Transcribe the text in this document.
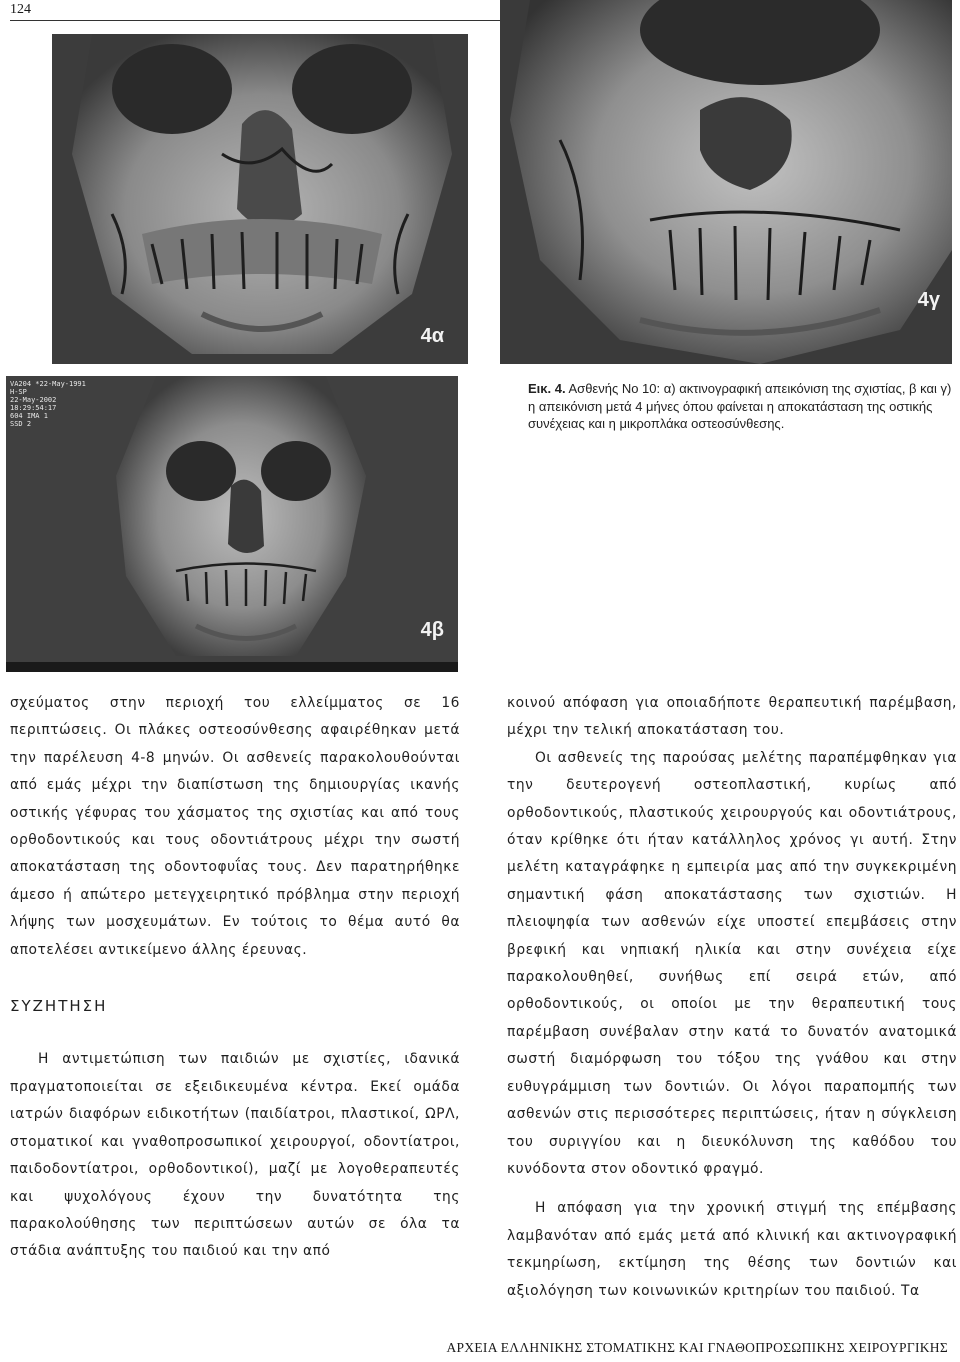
124
4α
4γ
VA204 *22-May-1991
H-SP
22-May-2002
18:29:54:17
604 IMA 1
SSD 2
4β
Εικ. 4. Ασθενής Νο 10: α) ακτινογραφική απεικόνιση της σχιστίας, β και γ) η απεικόνιση μετά 4 μήνες όπου φαίνεται η αποκατάσταση της οστικής συνέχειας και η μικροπλάκα οστεοσύνθεσης.

σχεύματος στην περιοχή του ελλείμματος σε 16 περιπτώσεις. Οι πλάκες οστεοσύνθεσης αφαιρέθηκαν μετά την παρέλευση 4-8 μηνών. Οι ασθενείς παρακολουθούνται από εμάς μέχρι την διαπίστωση της δημιουργίας ικανής οστικής γέφυρας του χάσματος της σχιστίας και από τους ορθοδοντικούς και τους οδοντιάτρους μέχρι την σωστή αποκατάσταση της οδοντοφυΐας τους. Δεν παρατηρήθηκε άμεσο ή απώτερο μετεγχειρητικό πρόβλημα στην περιοχή λήψης των μοσχευμάτων. Εν τούτοις το θέμα αυτό θα αποτελέσει αντικείμενο άλλης έρευνας.

ΣΥΖΗΤΗΣΗ

Η αντιμετώπιση των παιδιών με σχιστίες, ιδανικά πραγματοποιείται σε εξειδικευμένα κέντρα. Εκεί ομάδα ιατρών διαφόρων ειδικοτήτων (παιδίατροι, πλαστικοί, ΩΡΛ, στοματικοί και γναθοπροσωπικοί χειρουργοί, οδοντίατροι, παιδοδοντίατροι, ορθοδοντικοί), μαζί με λογοθεραπευτές και ψυχολόγους έχουν την δυνατότητα της παρακολούθησης των περιπτώσεων αυτών σε όλα τα στάδια ανάπτυξης του παιδιού και την από

κοινού απόφαση για οποιαδήποτε θεραπευτική παρέμβαση, μέχρι την τελική αποκατάσταση του.

Οι ασθενείς της παρούσας μελέτης παραπέμφθηκαν για την δευτερογενή οστεοπλαστική, κυρίως από ορθοδοντικούς, πλαστικούς χειρουργούς και οδοντιάτρους, όταν κρίθηκε ότι ήταν κατάλληλος χρόνος γι αυτή. Στην μελέτη καταγράφηκε η εμπειρία μας από την συγκεκριμένη σημαντική φάση αποκατάστασης των σχιστιών. Η πλειοψηφία των ασθενών είχε υποστεί επεμβάσεις στην βρεφική και νηπιακή ηλικία και στην συνέχεια είχε παρακολουθηθεί, συνήθως επί σειρά ετών, από ορθοδοντικούς, οι οποίοι με την θεραπευτική τους παρέμβαση συνέβαλαν στην κατά το δυνατόν ανατομικά σωστή διαμόρφωση του τόξου της γνάθου και στην ευθυγράμμιση των δοντιών. Οι λόγοι παραπομπής των ασθενών στις περισσότερες περιπτώσεις, ήταν η σύγκλειση του συριγγίου και η διευκόλυνση της καθόδου του κυνόδοντα στον οδοντικό φραγμό.

Η απόφαση για την χρονική στιγμή της επέμβασης λαμβανόταν από εμάς μετά από κλινική και ακτινογραφική τεκμηρίωση, εκτίμηση της θέσης των δοντιών και αξιολόγηση των κοινωνικών κριτηρίων του παιδιού. Τα

ΑΡΧΕΙΑ ΕΛΛΗΝΙΚΗΣ ΣΤΟΜΑΤΙΚΗΣ ΚΑΙ ΓΝΑΘΟΠΡΟΣΩΠΙΚΗΣ ΧΕΙΡΟΥΡΓΙΚΗΣ
